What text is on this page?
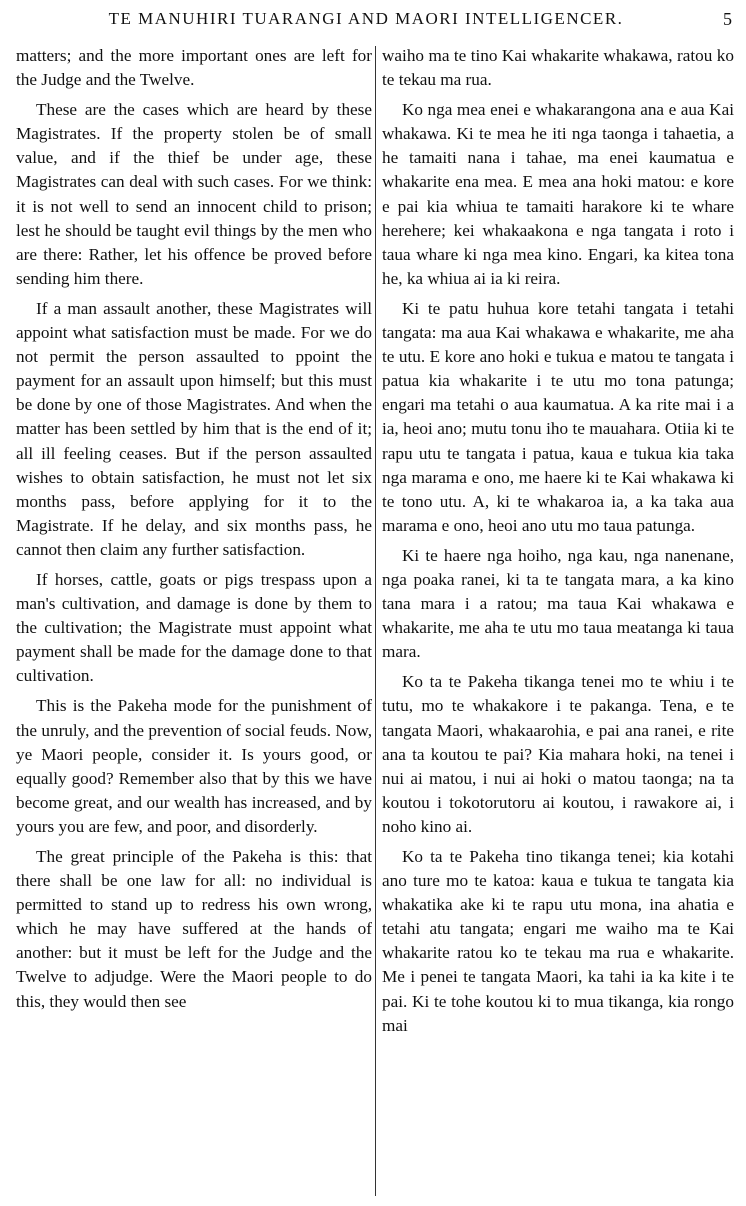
TE MANUHIRI TUARANGI AND MAORI INTELLIGENCER.	5

matters; and the more important ones are left for the Judge and the Twelve.

These are the cases which are heard by these Magistrates. If the property stolen be of small value, and if the thief be under age, these Magistrates can deal with such cases. For we think: it is not well to send an innocent child to prison; lest he should be taught evil things by the men who are there: Rather, let his offence be proved before sending him there.

If a man assault another, these Magistrates will appoint what satisfaction must be made. For we do not permit the person assaulted to ppoint the payment for an assault upon himself; but this must be done by one of those Magistrates. And when the matter has been settled by him that is the end of it; all ill feeling ceases. But if the person assaulted wishes to obtain satisfaction, he must not let six months pass, before applying for it to the Magistrate. If he delay, and six months pass, he cannot then claim any further satisfaction.

If horses, cattle, goats or pigs trespass upon a man's cultivation, and damage is done by them to the cultivation; the Magistrate must appoint what payment shall be made for the damage done to that cultivation.

This is the Pakeha mode for the punishment of the unruly, and the prevention of social feuds. Now, ye Maori people, consider it. Is yours good, or equally good? Remember also that by this we have become great, and our wealth has increased, and by yours you are few, and poor, and disorderly.

The great principle of the Pakeha is this: that there shall be one law for all: no individual is permitted to stand up to redress his own wrong, which he may have suffered at the hands of another: but it must be left for the Judge and the Twelve to adjudge. Were the Maori people to do this, they would then see

waiho ma te tino Kai whakarite whakawa, ratou ko te tekau ma rua.

Ko nga mea enei e whakarangona ana e aua Kai whakawa. Ki te mea he iti nga taonga i tahaetia, a he tamaiti nana i tahae, ma enei kaumatua e whakarite ena mea. E mea ana hoki matou: e kore e pai kia whiua te tamaiti harakore ki te whare herehere; kei whakaakona e nga tangata i roto i taua whare ki nga mea kino. Engari, ka kitea tona he, ka whiua ai ia ki reira.

Ki te patu huhua kore tetahi tangata i tetahi tangata: ma aua Kai whakawa e whakarite, me aha te utu. E kore ano hoki e tukua e matou te tangata i patua kia whakarite i te utu mo tona patunga; engari ma tetahi o aua kaumatua. A ka rite mai i a ia, heoi ano; mutu tonu iho te mauahara. Otiia ki te rapu utu te tangata i patua, kaua e tukua kia taka nga marama e ono, me haere ki te Kai whakawa ki te tono utu. A, ki te whakaroa ia, a ka taka aua marama e ono, heoi ano utu mo taua patunga.

Ki te haere nga hoiho, nga kau, nga nanenane, nga poaka ranei, ki ta te tangata mara, a ka kino tana mara i a ratou; ma taua Kai whakawa e whakarite, me aha te utu mo taua meatanga ki taua mara.

Ko ta te Pakeha tikanga tenei mo te whiu i te tutu, mo te whakakore i te pakanga. Tena, e te tangata Maori, whakaarohia, e pai ana ranei, e rite ana ta koutou te pai? Kia mahara hoki, na tenei i nui ai matou, i nui ai hoki o matou taonga; na ta koutou i tokotorutoru ai koutou, i rawakore ai, i noho kino ai.

Ko ta te Pakeha tino tikanga tenei; kia kotahi ano ture mo te katoa: kaua e tukua te tangata kia whakatika ake ki te rapu utu mona, ina ahatia e tetahi atu tangata; engari me waiho ma te Kai whakarite ratou ko te tekau ma rua e whakarite. Me i penei te tangata Maori, ka tahi ia ka kite i te pai. Ki te tohe koutou ki to mua tikanga, kia rongo mai
